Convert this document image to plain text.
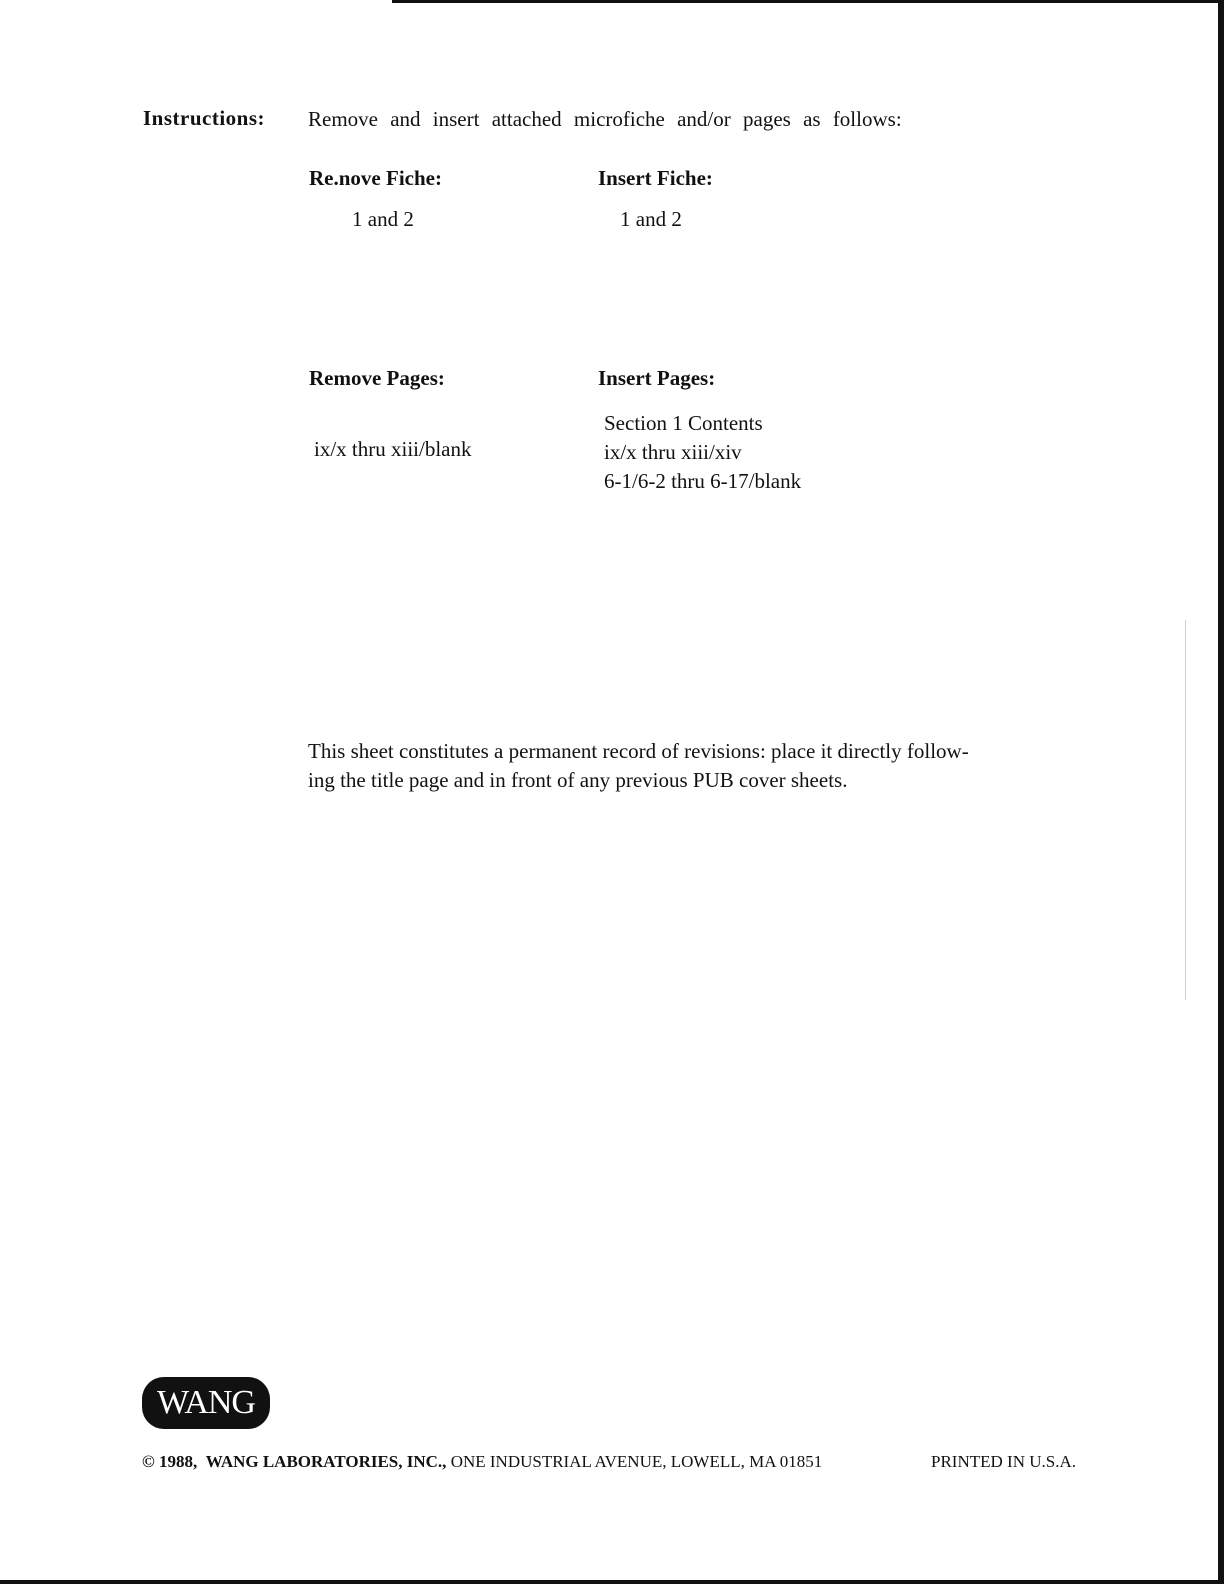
Instructions: Remove and insert attached microfiche and/or pages as follows:
Re.nove Fiche:
1 and 2
Insert Fiche:
1 and 2
Remove Pages:
ix/x thru xiii/blank
Insert Pages:
Section 1 Contents
ix/x thru xiii/xiv
6-1/6-2 thru 6-17/blank
This sheet constitutes a permanent record of revisions: place it directly follow-
ing the title page and in front of any previous PUB cover sheets.
WANG
© 1988, WANG LABORATORIES, INC., ONE INDUSTRIAL AVENUE, LOWELL, MA 01851	PRINTED IN U.S.A.
